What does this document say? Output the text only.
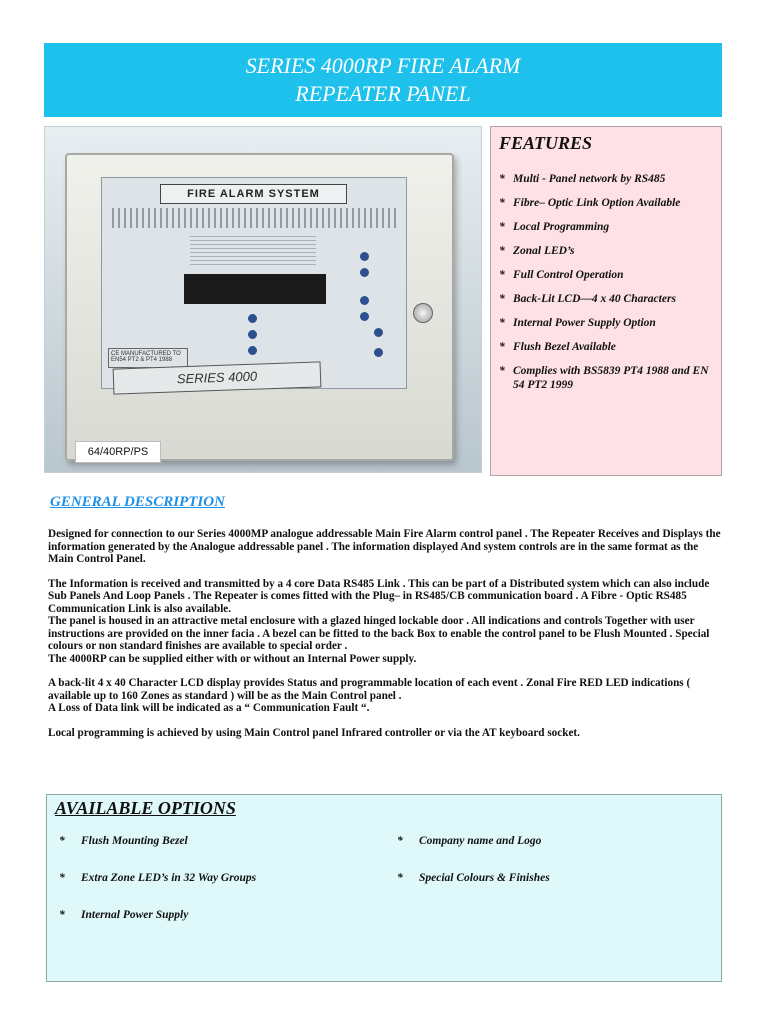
SERIES 4000RP FIRE ALARM
REPEATER PANEL
FIRE ALARM SYSTEM
CE MANUFACTURED TO EN54 PT2 & PT4 1988
SERIES 4000
64/40RP/PS
FEATURES
* Multi - Panel network by RS485
* Fibre– Optic Link Option Available
* Local Programming
* Zonal LED’s
* Full Control Operation
* Back-Lit LCD—4 x 40 Characters
* Internal Power Supply Option
* Flush Bezel Available
* Complies with BS5839 PT4 1988 and EN 54 PT2 1999
GENERAL DESCRIPTION

Designed for connection to our Series 4000MP analogue addressable Main Fire Alarm control panel . The Repeater Receives and Displays the information generated by the Analogue addressable panel . The information displayed And system controls are in the same format as the Main Control Panel.

The Information is received and transmitted by a 4 core Data RS485 Link . This can be part of a Distributed system which can also include Sub Panels And Loop Panels . The Repeater is comes fitted with the Plug– in RS485/CB communication board . A Fibre - Optic RS485 Communication Link is also available.

The panel is housed in an attractive metal enclosure with a glazed hinged lockable door . All indications and controls Together with user instructions are provided on the inner facia . A bezel can be fitted to the back Box to enable the control panel to be Flush Mounted . Special colours or non standard finishes are available to special order .

The 4000RP can be supplied either with or without an Internal Power supply.

A back-lit 4 x 40 Character LCD display provides Status and programmable location of each event . Zonal Fire RED LED indications ( available up to 160 Zones as standard ) will be as the Main Control panel .

A Loss of Data link will be indicated as a “ Communication Fault “.

Local programming is achieved by using Main Control panel Infrared controller or via the AT keyboard socket.

AVAILABLE OPTIONS
*	Flush Mounting Bezel
*	Extra Zone LED’s in 32 Way Groups
*	Internal Power Supply
*	Company name and Logo
*	Special Colours & Finishes
